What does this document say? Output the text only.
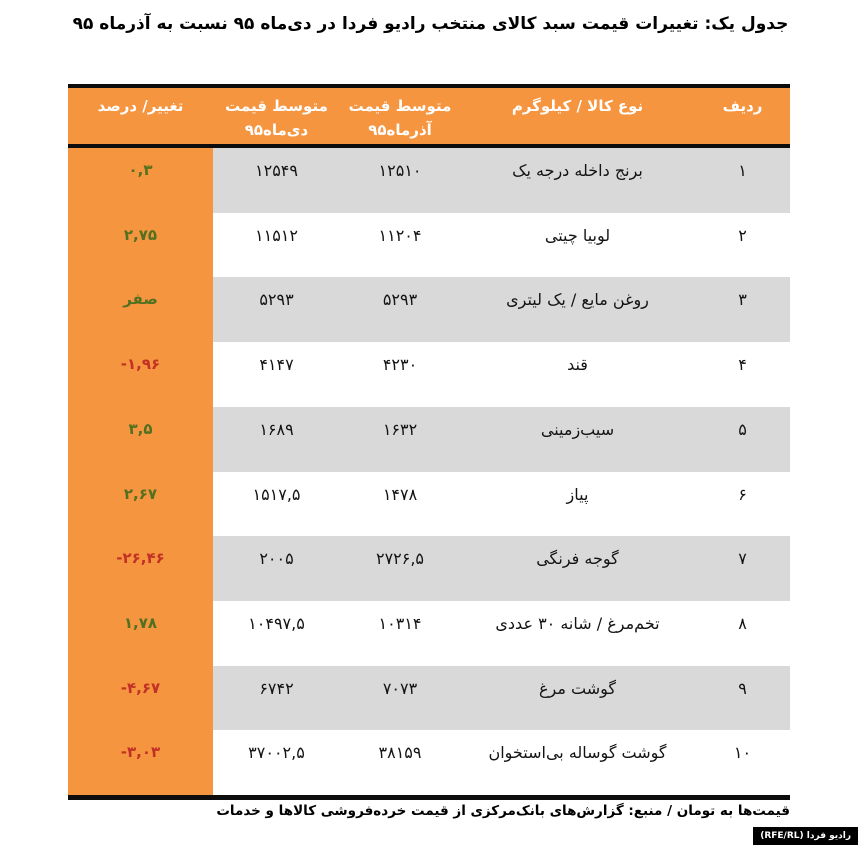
جدول یک: تغییرات قیمت سبد کالای منتخب رادیو فردا در دی‌ماه ۹۵ نسبت به آذرماه ۹۵
ردیف
نوع کالا / کیلوگرم
متوسط قیمت
آذرماه۹۵
متوسط قیمت
دی‌ماه۹۵
تغییر/ درصد
۱
برنج داخله درجه یک
۱۲۵۱۰
۱۲۵۴۹
۰,۳
۲
لوبیا چیتی
۱۱۲۰۴
۱۱۵۱۲
۲,۷۵
۳
روغن مایع / یک لیتری
۵۲۹۳
۵۲۹۳
صفر
۴
قند
۴۲۳۰
۴۱۴۷
-۱,۹۶
۵
سیب‌زمینی
۱۶۳۲
۱۶۸۹
۳,۵
۶
پیاز
۱۴۷۸
۱۵۱۷,۵
۲,۶۷
۷
گوجه فرنگی
۲۷۲۶,۵
۲۰۰۵
-۲۶,۴۶
۸
تخم‌مرغ / شانه ۳۰ عددی
۱۰۳۱۴
۱۰۴۹۷,۵
۱,۷۸
۹
گوشت مرغ
۷۰۷۳
۶۷۴۲
-۴,۶۷
۱۰
گوشت گوساله بی‌استخوان
۳۸۱۵۹
۳۷۰۰۲,۵
-۳,۰۳
قیمت‌ها به تومان / منبع: گزارش‌های بانک‌مرکزی از قیمت خرده‌فروشی کالاها و خدمات
رادیو فردا (RFE/RL)
